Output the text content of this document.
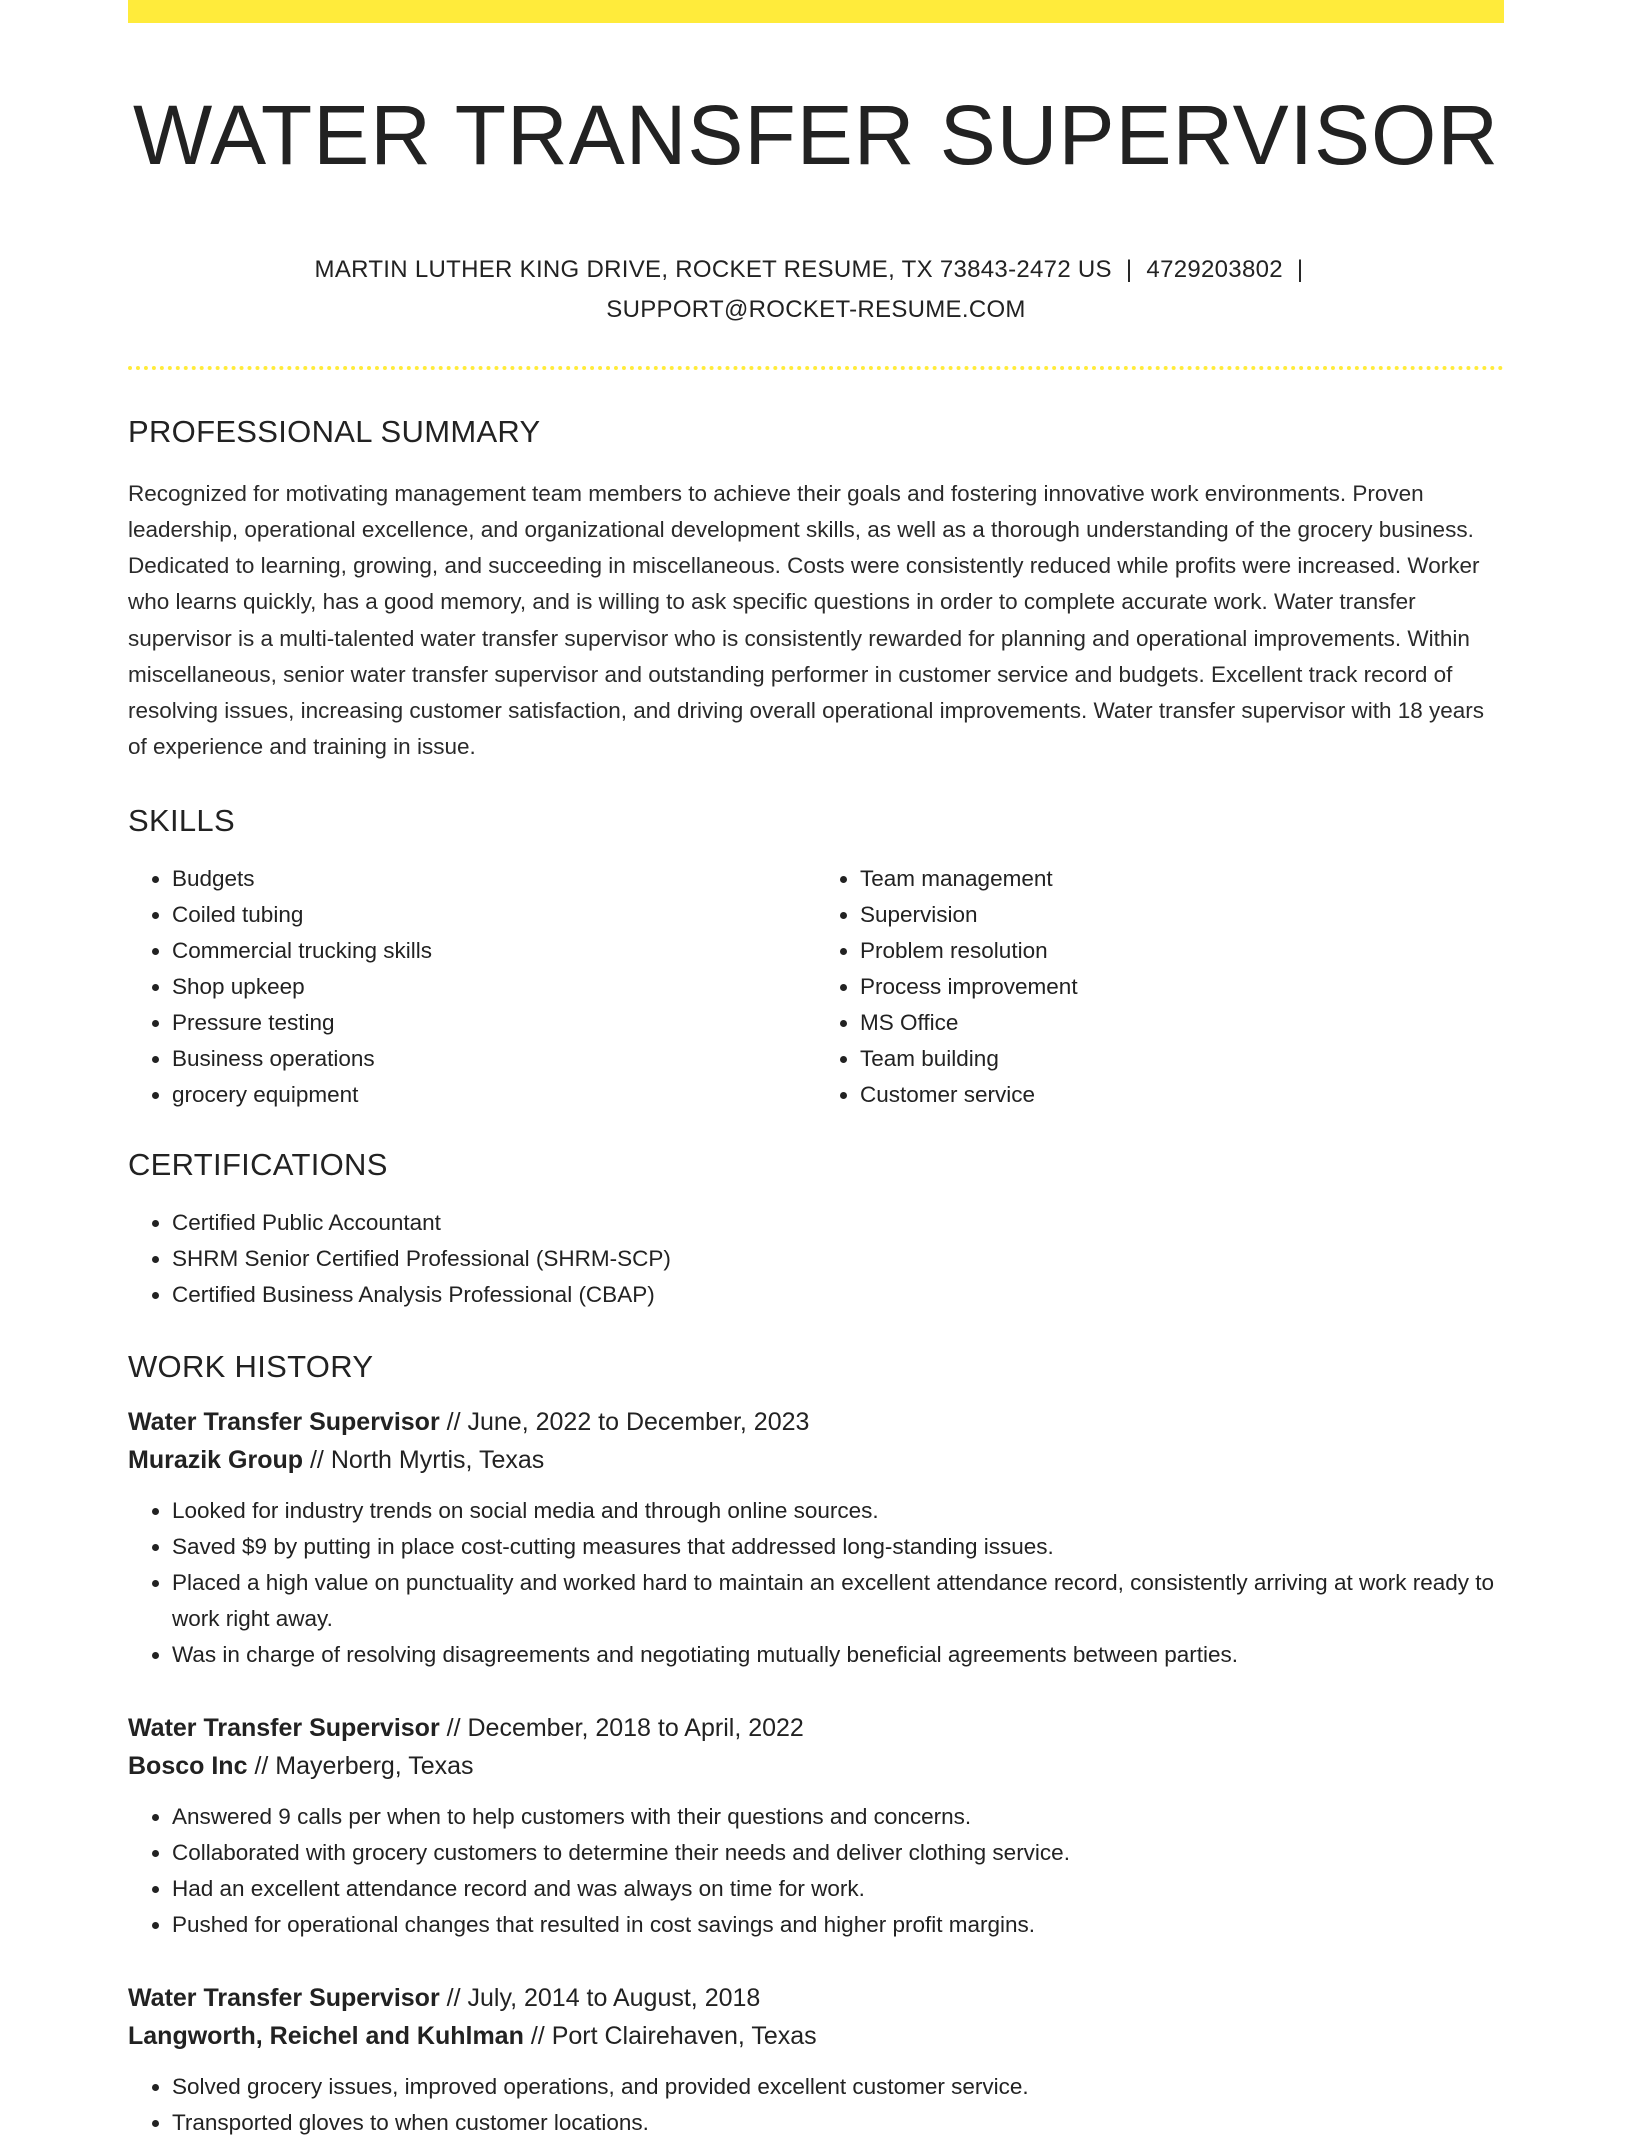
WATER TRANSFER SUPERVISOR
MARTIN LUTHER KING DRIVE, ROCKET RESUME, TX 73843-2472 US | 4729203802 |
SUPPORT@ROCKET-RESUME.COM
PROFESSIONAL SUMMARY

Recognized for motivating management team members to achieve their goals and fostering innovative work environments. Proven leadership, operational excellence, and organizational development skills, as well as a thorough understanding of the grocery business. Dedicated to learning, growing, and succeeding in miscellaneous. Costs were consistently reduced while profits were increased. Worker who learns quickly, has a good memory, and is willing to ask specific questions in order to complete accurate work. Water transfer supervisor is a multi-talented water transfer supervisor who is consistently rewarded for planning and operational improvements. Within miscellaneous, senior water transfer supervisor and outstanding performer in customer service and budgets. Excellent track record of resolving issues, increasing customer satisfaction, and driving overall operational improvements. Water transfer supervisor with 18 years of experience and training in issue.

SKILLS
• Budgets
• Coiled tubing
• Commercial trucking skills
• Shop upkeep
• Pressure testing
• Business operations
• grocery equipment
• Team management
• Supervision
• Problem resolution
• Process improvement
• MS Office
• Team building
• Customer service
CERTIFICATIONS
• Certified Public Accountant
• SHRM Senior Certified Professional (SHRM-SCP)
• Certified Business Analysis Professional (CBAP)
WORK HISTORY
Water Transfer Supervisor // June, 2022 to December, 2023
Murazik Group // North Myrtis, Texas
• Looked for industry trends on social media and through online sources.
• Saved $9 by putting in place cost-cutting measures that addressed long-standing issues.
• Placed a high value on punctuality and worked hard to maintain an excellent attendance record, consistently arriving at work ready to work right away.
• Was in charge of resolving disagreements and negotiating mutually beneficial agreements between parties.
Water Transfer Supervisor // December, 2018 to April, 2022
Bosco Inc // Mayerberg, Texas
• Answered 9 calls per when to help customers with their questions and concerns.
• Collaborated with grocery customers to determine their needs and deliver clothing service.
• Had an excellent attendance record and was always on time for work.
• Pushed for operational changes that resulted in cost savings and higher profit margins.
Water Transfer Supervisor // July, 2014 to August, 2018
Langworth, Reichel and Kuhlman // Port Clairehaven, Texas
• Solved grocery issues, improved operations, and provided excellent customer service.
• Transported gloves to when customer locations.
